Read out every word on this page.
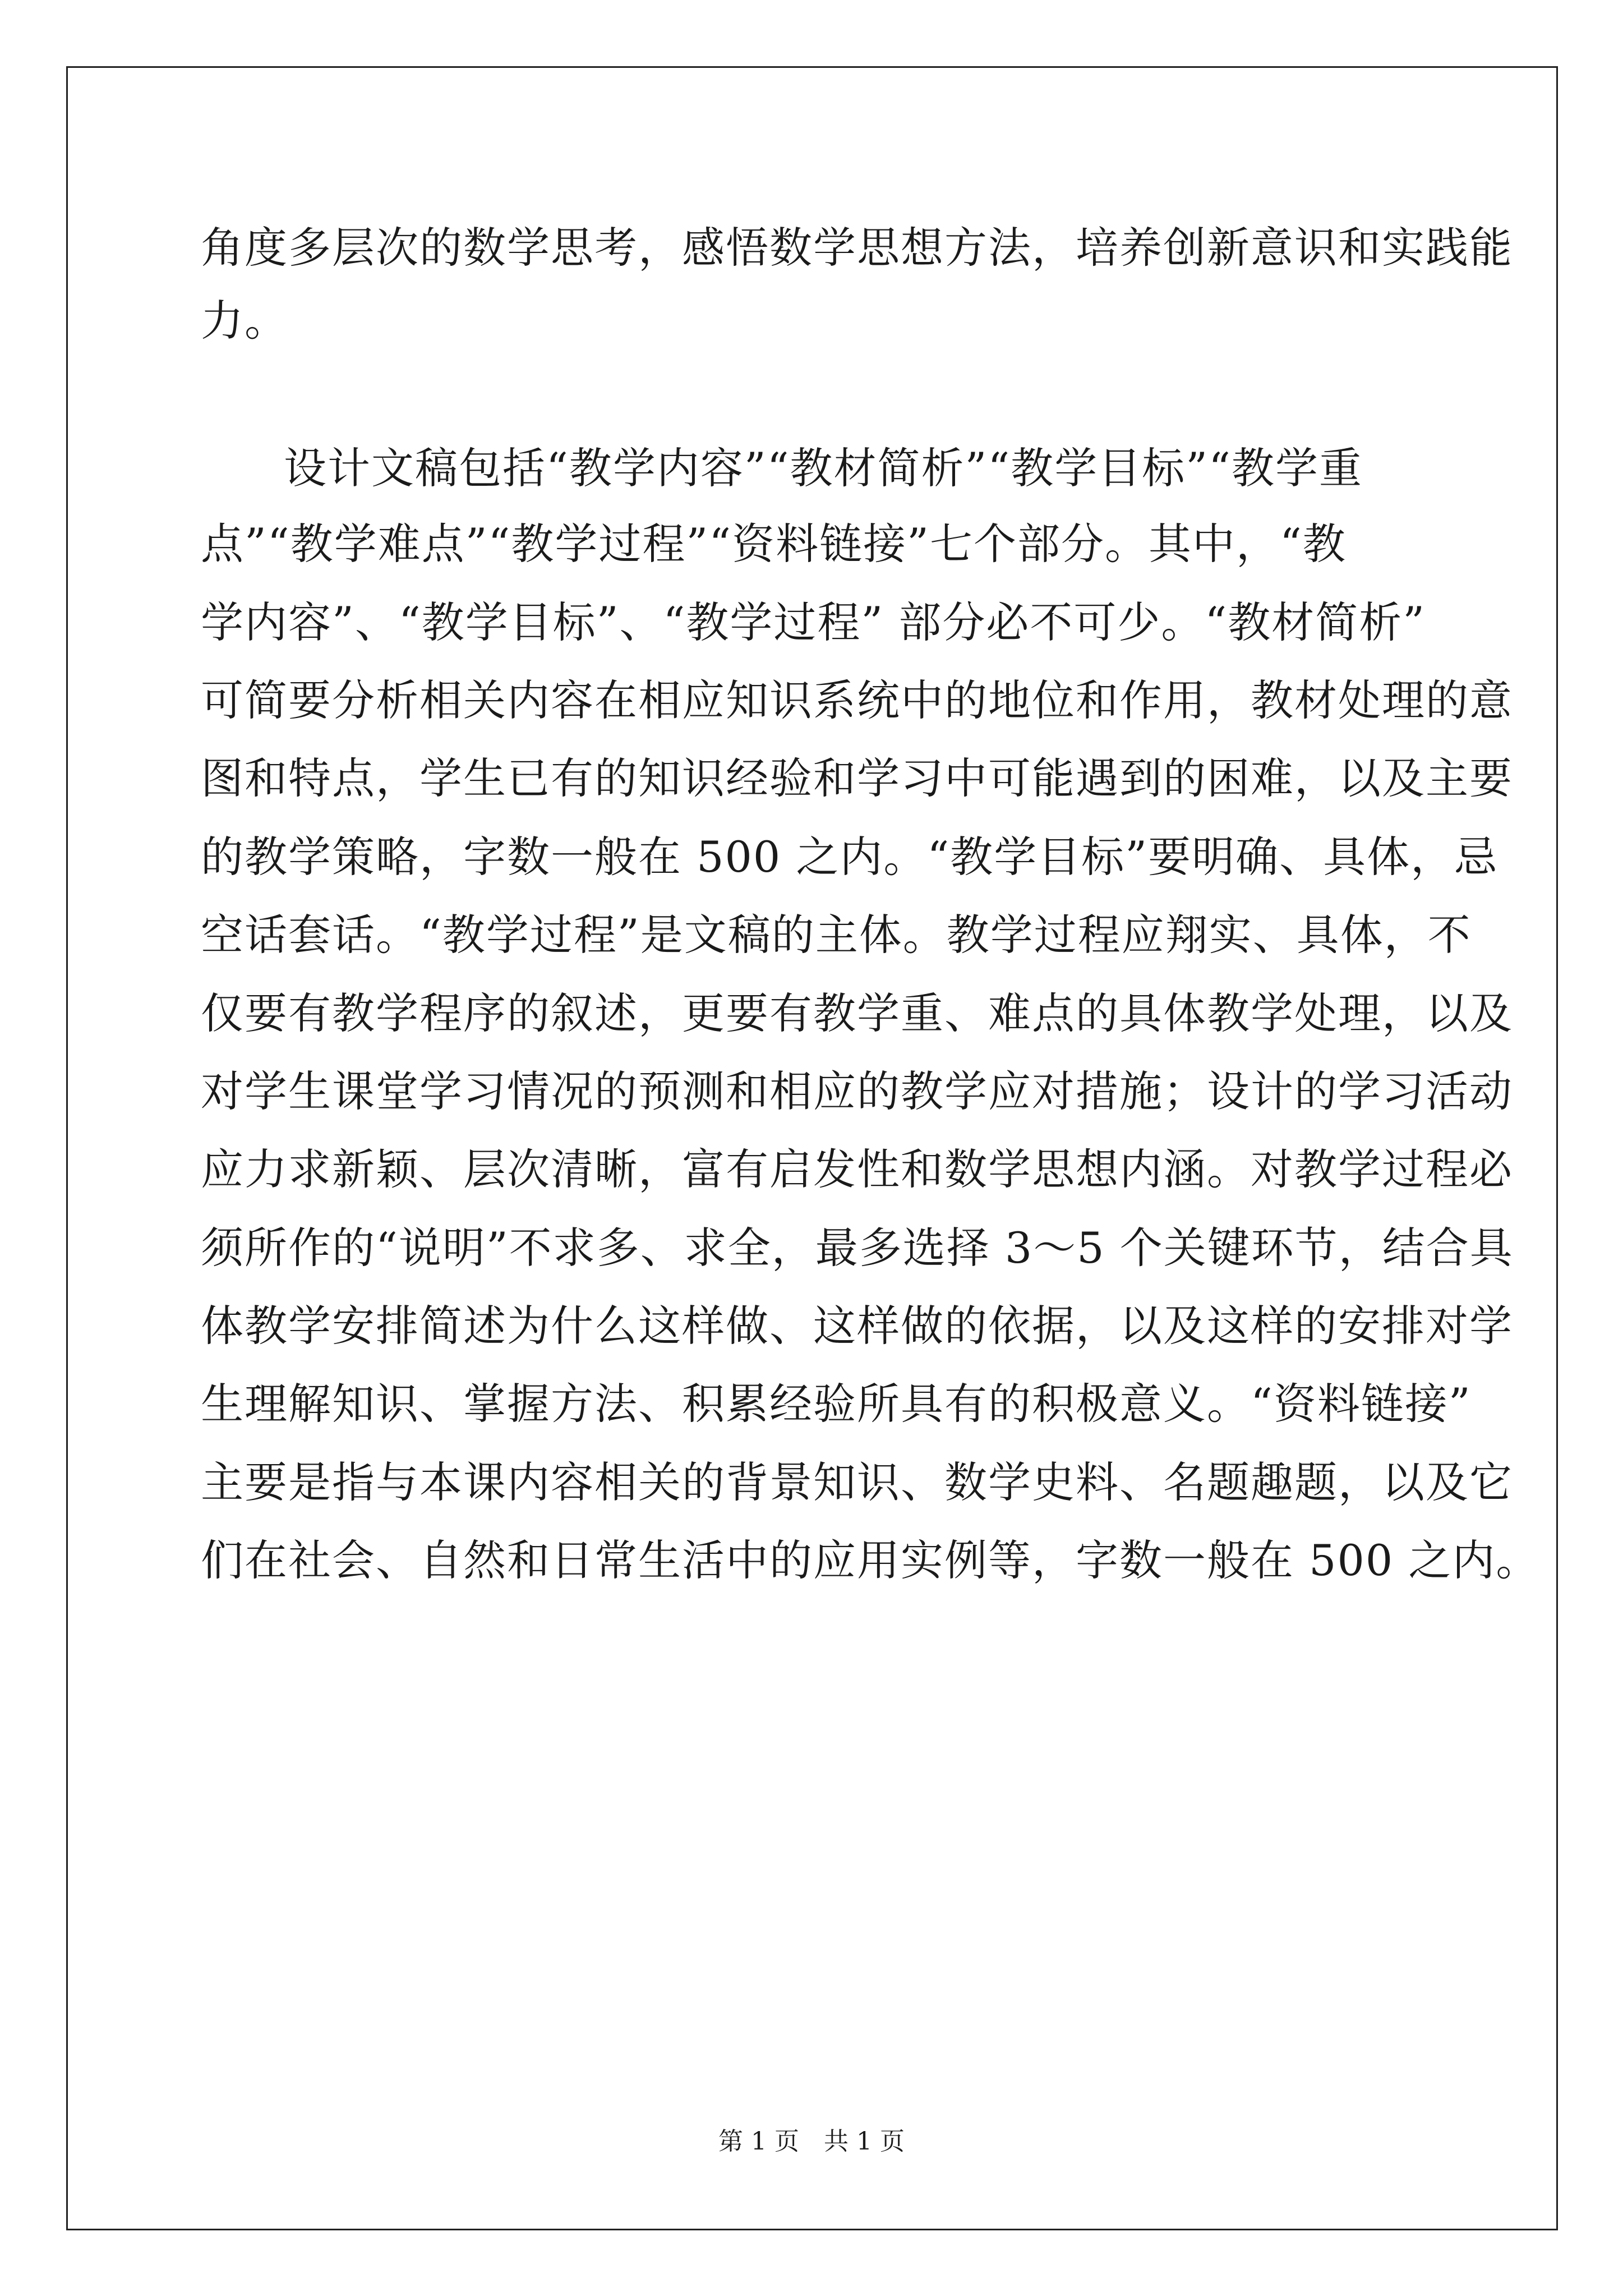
角度多层次的数学思考，感悟数学思想方法，培养创新意识和实践能
力。
设计文稿包括“教学内容”“教材简析”“教学目标”“教学重
点”“教学难点”“教学过程”“资料链接”七个部分。其中，“教
学内容”、“教学目标”、“教学过程” 部分必不可少。“教材简析”
可简要分析相关内容在相应知识系统中的地位和作用，教材处理的意
图和特点，学生已有的知识经验和学习中可能遇到的困难，以及主要
的教学策略，字数一般在 500 之内。“教学目标”要明确、具体，忌
空话套话。“教学过程”是文稿的主体。教学过程应翔实、具体，不
仅要有教学程序的叙述，更要有教学重、难点的具体教学处理，以及
对学生课堂学习情况的预测和相应的教学应对措施；设计的学习活动
应力求新颖、层次清晰，富有启发性和数学思想内涵。对教学过程必
须所作的“说明”不求多、求全，最多选择 3～5 个关键环节，结合具
体教学安排简述为什么这样做、这样做的依据，以及这样的安排对学
生理解知识、掌握方法、积累经验所具有的积极意义。“资料链接”
主要是指与本课内容相关的背景知识、数学史料、名题趣题，以及它
们在社会、自然和日常生活中的应用实例等，字数一般在 500 之内。
第 1 页　共 1 页
